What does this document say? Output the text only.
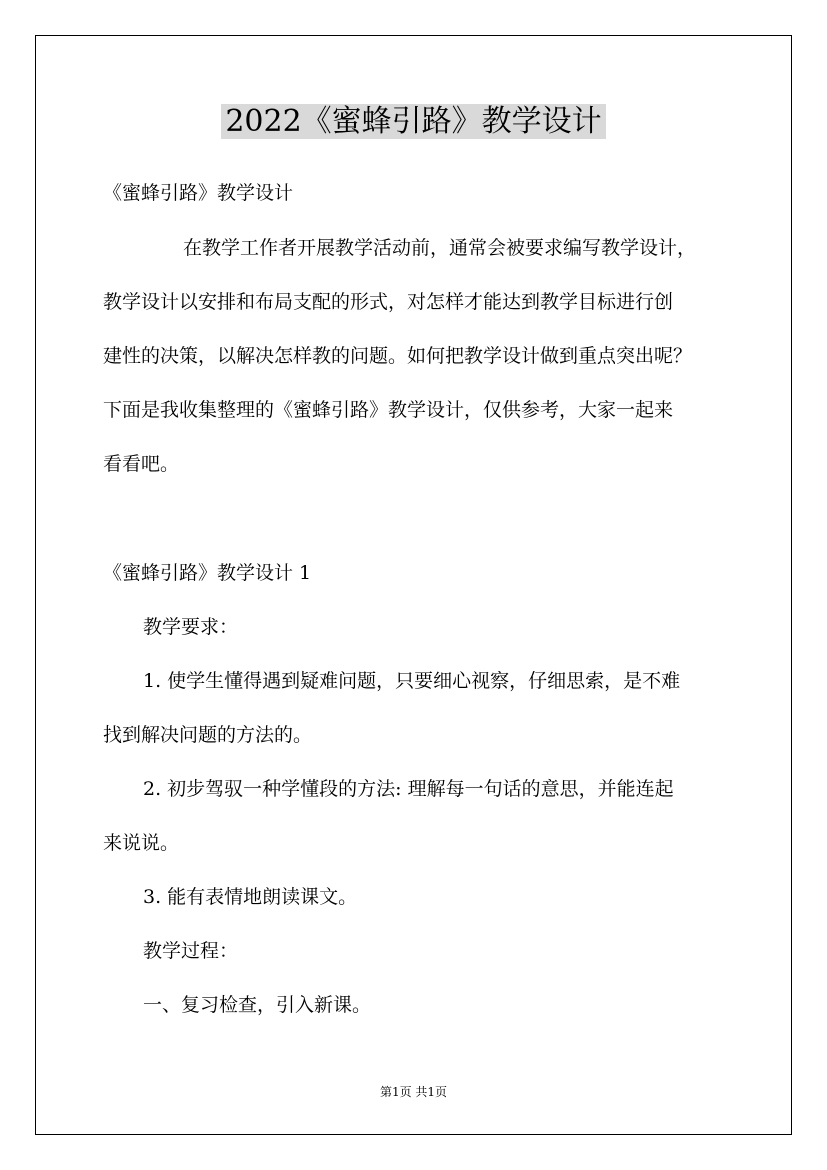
2022《蜜蜂引路》教学设计

《蜜蜂引路》教学设计

在教学工作者开展教学活动前，通常会被要求编写教学设计，

教学设计以安排和布局支配的形式，对怎样才能达到教学目标进行创

建性的决策，以解决怎样教的问题。如何把教学设计做到重点突出呢？

下面是我收集整理的《蜜蜂引路》教学设计，仅供参考，大家一起来

看看吧。

《蜜蜂引路》教学设计 1

教学要求：

1. 使学生懂得遇到疑难问题，只要细心视察，仔细思索，是不难

找到解决问题的方法的。

2. 初步驾驭一种学懂段的方法: 理解每一句话的意思，并能连起

来说说。

3. 能有表情地朗读课文。

教学过程：

一、复习检查，引入新课。

第1页 共1页
